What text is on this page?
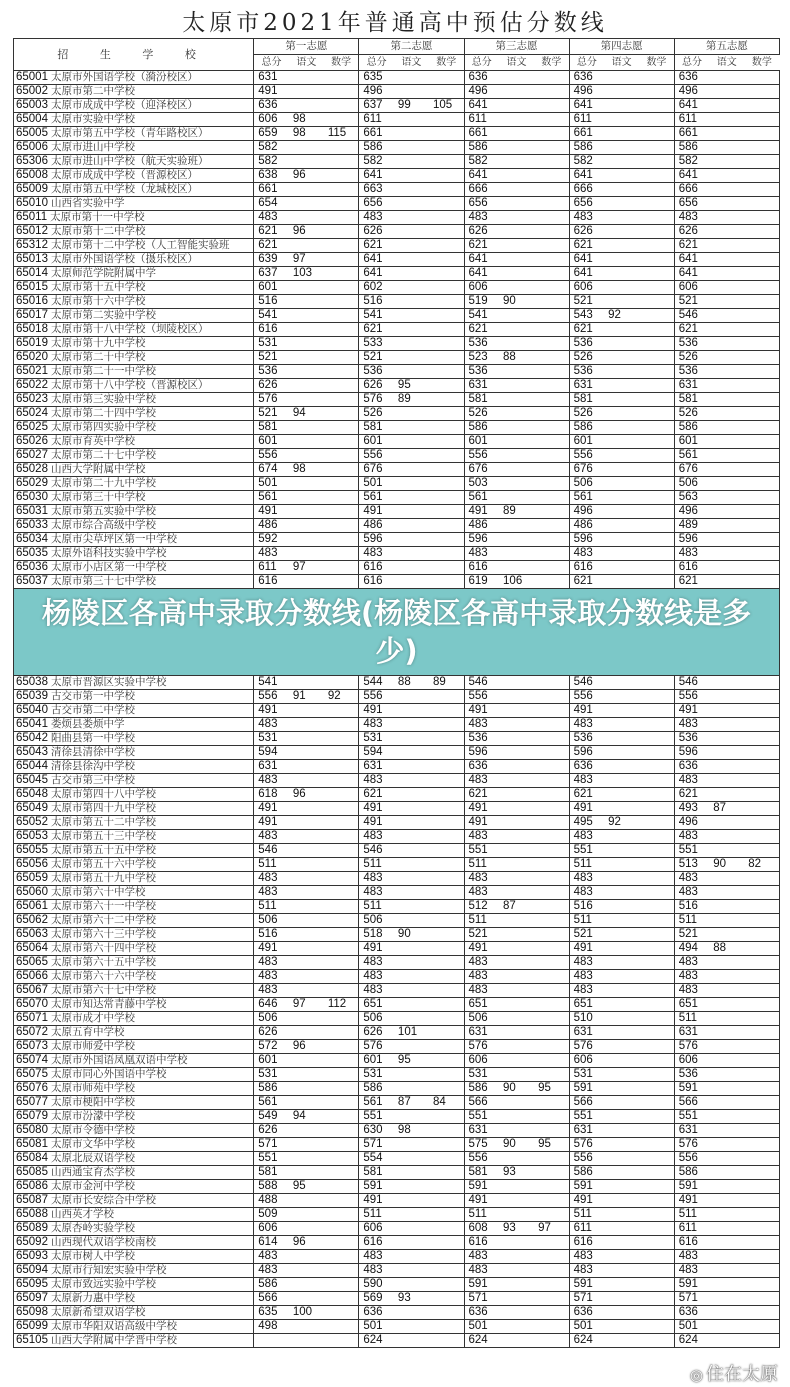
太原市2021年普通高中预估分数线
招 生 学 校	第一志愿			第二志愿			第三志愿			第四志愿			第五志愿		
	总分	语文	数学	总分	语文	数学	总分	语文	数学	总分	语文	数学	总分	语文	数学
65001 太原市外国语学校（漪汾校区）	631			635			636			636			636		
65002 太原市第二中学校	491			496			496			496			496		
65003 太原市成成中学校（迎泽校区）	636			637	99	105	641			641			641		
65004 太原市实验中学校	606	98		611			611			611			611		
65005 太原市第五中学校（青年路校区）	659	98	115	661			661			661			661		
65006 太原市进山中学校	582			586			586			586			586		
65306 太原市进山中学校（航天实验班）	582			582			582			582			582		
65008 太原市成成中学校（晋源校区）	638	96		641			641			641			641		
65009 太原市第五中学校（龙城校区）	661			663			666			666			666		
65010 山西省实验中学	654			656			656			656			656		
65011 太原市第十一中学校	483			483			483			483			483		
65012 太原市第十二中学校	621	96		626			626			626			626		
65312 太原市第十二中学校（人工智能实验班	621			621			621			621			621		
65013 太原市外国语学校（摄乐校区）	639	97		641			641			641			641		
65014 太原师范学院附属中学	637	103		641			641			641			641		
65015 太原市第十五中学校	601			602			606			606			606		
65016 太原市第十六中学校	516			516			519	90		521			521		
65017 太原市第二实验中学校	541			541			541			543	92		546		
65018 太原市第十八中学校（坝陵校区）	616			621			621			621			621		
65019 太原市第十九中学校	531			533			536			536			536		
65020 太原市第二十中学校	521			521			523	88		526			526		
65021 太原市第二十一中学校	536			536			536			536			536		
65022 太原市第十八中学校（晋源校区）	626			626	95		631			631			631		
65023 太原市第三实验中学校	576			576	89		581			581			581		
65024 太原市第二十四中学校	521	94		526			526			526			526		
65025 太原市第四实验中学校	581			581			586			586			586		
65026 太原市育英中学校	601			601			601			601			601		
65027 太原市第二十七中学校	556			556			556			556			561		
65028 山西大学附属中学校	674	98		676			676			676			676		
65029 太原市第二十九中学校	501			501			503			506			506		
65030 太原市第三十中学校	561			561			561			561			563		
65031 太原市第五实验中学校	491			491			491	89		496			496		
65033 太原市综合高级中学校	486			486			486			486			489		
65034 太原市尖草坪区第一中学校	592			596			596			596			596		
65035 太原外语科技实验中学校	483			483			483			483			483		
65036 太原市小店区第一中学校	611	97		616			616			616			616		
65037 太原市第三十七中学校	616			616			619	106		621			621		
杨陵区各高中录取分数线(杨陵区各高中录取分数线是多少)															
65038 太原市晋源区实验中学校	541			544	88	89	546			546			546		
65039 古交市第一中学校	556	91	92	556			556			556			556		
65040 古交市第二中学校	491			491			491			491			491		
65041 娄烦县娄烦中学	483			483			483			483			483		
65042 阳曲县第一中学校	531			531			536			536			536		
65043 清徐县清徐中学校	594			594			596			596			596		
65044 清徐县徐沟中学校	631			631			636			636			636		
65045 古交市第三中学校	483			483			483			483			483		
65048 太原市第四十八中学校	618	96		621			621			621			621		
65049 太原市第四十九中学校	491			491			491			491			493	87	
65052 太原市第五十二中学校	491			491			491			495	92		496		
65053 太原市第五十三中学校	483			483			483			483			483		
65055 太原市第五十五中学校	546			546			551			551			551		
65056 太原市第五十六中学校	511			511			511			511			513	90	82
65059 太原市第五十九中学校	483			483			483			483			483		
65060 太原市第六十中学校	483			483			483			483			483		
65061 太原市第六十一中学校	511			511			512	87		516			516		
65062 太原市第六十二中学校	506			506			511			511			511		
65063 太原市第六十三中学校	516			518	90		521			521			521		
65064 太原市第六十四中学校	491			491			491			491			494	88	
65065 太原市第六十五中学校	483			483			483			483			483		
65066 太原市第六十六中学校	483			483			483			483			483		
65067 太原市第六十七中学校	483			483			483			483			483		
65070 太原市知达常青藤中学校	646	97	112	651			651			651			651		
65071 太原市成才中学校	506			506			506			510			511		
65072 太原五育中学校	626			626	101		631			631			631		
65073 太原市师爱中学校	572	96		576			576			576			576		
65074 太原市外国语凤凰双语中学校	601			601	95		606			606			606		
65075 太原市同心外国语中学校	531			531			531			531			536		
65076 太原市师苑中学校	586			586			586	90	95	591			591		
65077 太原市梗阳中学校	561			561	87	84	566			566			566		
65079 太原市汾濛中学校	549	94		551			551			551			551		
65080 太原市令德中学校	626			630	98		631			631			631		
65081 太原市文华中学校	571			571			575	90	95	576			576		
65084 太原北辰双语学校	551			554			556			556			556		
65085 山西通宝育杰学校	581			581			581	93		586			586		
65086 太原市金河中学校	588	95		591			591			591			591		
65087 太原市长安综合中学校	488			491			491			491			491		
65088 山西英才学校	509			511			511			511			511		
65089 太原杏岭实验学校	606			606			608	93	97	611			611		
65092 山西现代双语学校南校	614	96		616			616			616			616		
65093 太原市树人中学校	483			483			483			483			483		
65094 太原市行知宏实验中学校	483			483			483			483			483		
65095 太原市致远实验中学校	586			590			591			591			591		
65097 太原新力惠中学校	566			569	93		571			571			571		
65098 太原新希望双语学校	635	100		636			636			636			636		
65099 太原市华阳双语高级中学校	498			501			501			501			501		
65105 山西大学附属中学晋中学校				624			624			624			624		
◎ 住在太原
